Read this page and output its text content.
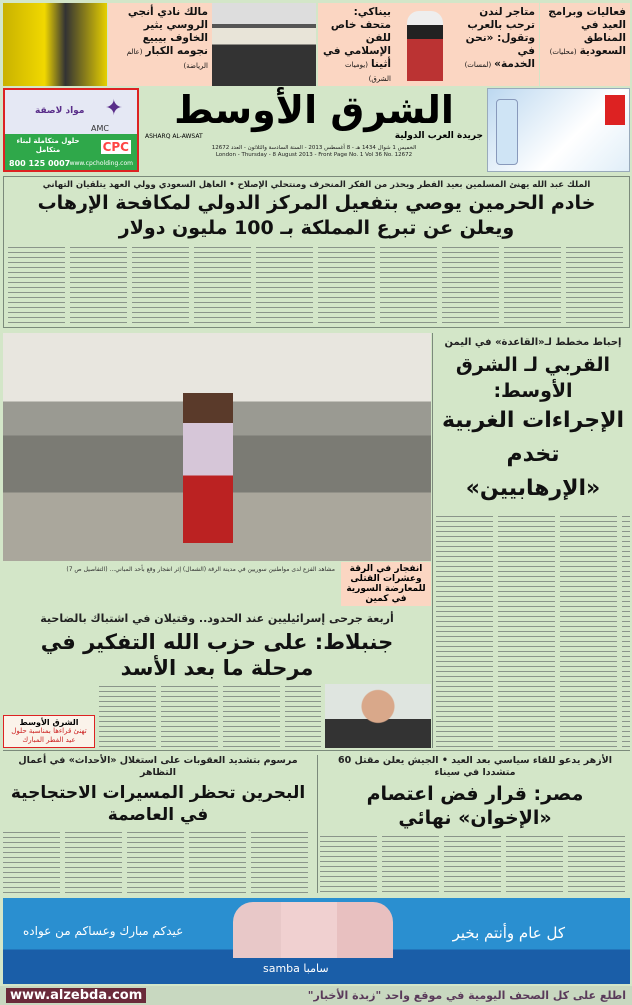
فعاليات وبرامج العيد في المناطق السعودية(محليات)
متاجر لندن ترحب بالعرب وتقول: «نحن في الخدمة»(لمسات)
بيناكي: متحف خاص للفن الإسلامي في أثينا(يوميات الشرق)
مالك نادي أنجي الروسي يثير الخاوف بيبيع نجومه الكبار(عالم الرياضة)
✦
مواد لاصقة
AMC
CPC
حلول متكاملة لبناء متكامل
800 125 0007 www.cpcholding.com
الشرق الأوسط
جريدة العرب الدولية
ASHARQ AL-AWSAT
الخميس 1 شوال 1434 هـ - 8 أغسطس 2013 - السنة السادسة والثلاثون - العدد 12672
London - Thursday - 8 August 2013 - Front Page No. 1 Vol 36 No. 12672
الملك عبد الله يهنئ المسلمين بعيد الفطر ويحذر من الفكر المنحرف ومنتحلي الإصلاح • العاهل السعودي وولي العهد يتلقيان التهاني
خادم الحرمين يوصي بتفعيل المركز الدولي لمكافحة الإرهاب ويعلن عن تبرع المملكة بـ 100 مليون دولار
انفجار في الرقة وعشرات القتلى للمعارضة السورية في كمين
مشاهد الفزع لدى مواطنين سوريين في مدينة الرقة (الشمال) إثر انفجار وقع بأحد المباني... (التفاصيل ص 7)
إحباط مخطط لـ«القاعدة» في اليمن
القربي لـ الشرق الأوسط:
الإجراءات الغربية تخدم «الإرهابيين»
أربعة جرحى إسرائيليين عند الحدود.. وقتيلان في اشتباك بالضاحية
جنبلاط: على حزب الله التفكير في مرحلة ما بعد الأسد
الشرق الأوسط
تهنئ قراءها بمناسبة حلول عيد الفطر المبارك
الأزهر يدعو للقاء سياسي بعد العيد • الجيش يعلن مقتل 60 متشددا في سيناء
مصر: قرار فض اعتصام «الإخوان» نهائي
مرسوم بتشديد العقوبات على استغلال «الأحداث» في أعمال التظاهر
البحرين تحظر المسيرات الاحتجاجية في العاصمة
عيدكم مبارك وعساكم من عواده	كل عام وأنتم بخير
samba سامبا
اطلع على كل الصحف اليومية في موقع واحد "زبدة الأخبار"
www.alzebda.com
